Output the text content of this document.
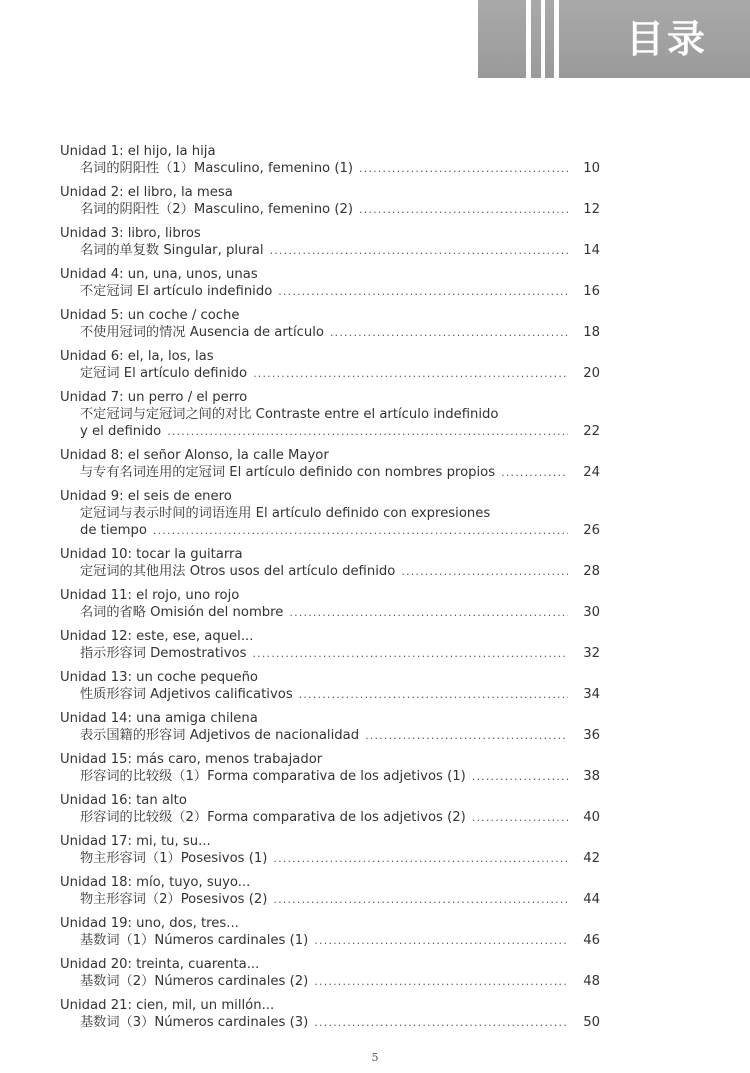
目录
Unidad 1: el hijo, la hija
名词的阴阳性（1）Masculino, femenino (1) .....	10
Unidad 2: el libro, la mesa
名词的阴阳性（2）Masculino, femenino (2) .....	12
Unidad 3: libro, libros
名词的单复数 Singular, plural .....	14
Unidad 4: un, una, unos, unas
不定冠词 El artículo indefinido .....	16
Unidad 5: un coche / coche
不使用冠词的情况 Ausencia de artículo .....	18
Unidad 6: el, la, los, las
定冠词 El artículo definido .....	20
Unidad 7: un perro / el perro
不定冠词与定冠词之间的对比 Contraste entre el artículo indefinido
y el definido .....	22
Unidad 8: el señor Alonso, la calle Mayor
与专有名词连用的定冠词 El artículo definido con nombres propios .....	24
Unidad 9: el seis de enero
定冠词与表示时间的词语连用 El artículo definido con expresiones
de tiempo .....	26
Unidad 10: tocar la guitarra
定冠词的其他用法 Otros usos del artículo definido .....	28
Unidad 11: el rojo, uno rojo
名词的省略 Omisión del nombre .....	30
Unidad 12: este, ese, aquel...
指示形容词 Demostrativos .....	32
Unidad 13: un coche pequeño
性质形容词 Adjetivos calificativos .....	34
Unidad 14: una amiga chilena
表示国籍的形容词 Adjetivos de nacionalidad .....	36
Unidad 15: más caro, menos trabajador
形容词的比较级（1）Forma comparativa de los adjetivos (1) .....	38
Unidad 16: tan alto
形容词的比较级（2）Forma comparativa de los adjetivos (2) .....	40
Unidad 17: mi, tu, su...
物主形容词（1）Posesivos (1) .....	42
Unidad 18: mío, tuyo, suyo...
物主形容词（2）Posesivos (2) .....	44
Unidad 19: uno, dos, tres...
基数词（1）Números cardinales (1) .....	46
Unidad 20: treinta, cuarenta...
基数词（2）Números cardinales (2) .....	48
Unidad 21: cien, mil, un millón...
基数词（3）Números cardinales (3) .....	50
5
